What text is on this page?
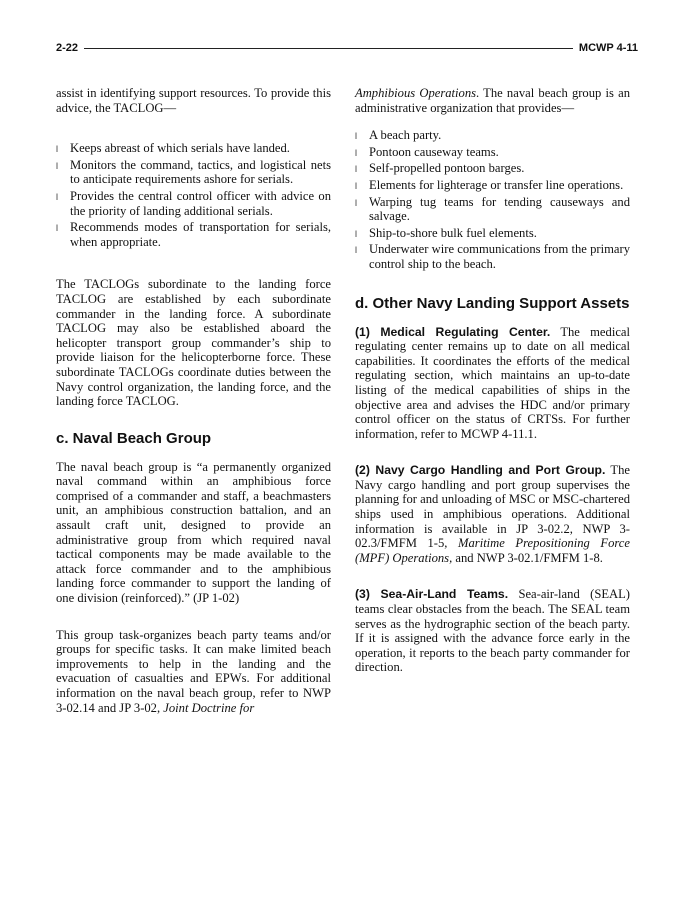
2-22	MCWP 4-11

assist in identifying support resources. To provide this advice, the TACLOG—

l Keeps abreast of which serials have landed.
l Monitors the command, tactics, and logistical nets to anticipate requirements ashore for serials.
l Provides the central control officer with advice on the priority of landing additional serials.
l Recommends modes of transportation for serials, when appropriate.

The TACLOGs subordinate to the landing force TACLOG are established by each subordinate commander in the landing force. A subordinate TACLOG may also be established aboard the helicopter transport group commander’s ship to provide liaison for the helicopterborne force. These subordinate TACLOGs coordinate duties between the Navy control organization, the landing force, and the landing force TACLOG.

c. Naval Beach Group

The naval beach group is “a permanently organized naval command within an amphibious force comprised of a commander and staff, a beachmasters unit, an amphibious construction battalion, and an assault craft unit, designed to provide an administrative group from which required naval tactical components may be made available to the attack force commander and to the amphibious landing force commander to support the landing of one division (reinforced).” (JP 1-02)

This group task-organizes beach party teams and/or groups for specific tasks. It can make limited beach improvements to help in the landing and the evacuation of casualties and EPWs. For additional information on the naval beach group, refer to NWP 3-02.14 and JP 3-02, Joint Doctrine for

Amphibious Operations. The naval beach group is an administrative organization that provides—

l A beach party.
l Pontoon causeway teams.
l Self-propelled pontoon barges.
l Elements for lighterage or transfer line operations.
l Warping tug teams for tending causeways and salvage.
l Ship-to-shore bulk fuel elements.
l Underwater wire communications from the primary control ship to the beach.
d. Other Navy Landing Support Assets

(1) Medical Regulating Center. The medical regulating center remains up to date on all medical capabilities. It coordinates the efforts of the medical regulating section, which maintains an up-to-date listing of the medical capabilities of ships in the objective area and advises the HDC and/or primary control officer on the status of CRTSs. For further information, refer to MCWP 4-11.1.

(2) Navy Cargo Handling and Port Group. The Navy cargo handling and port group supervises the planning for and unloading of MSC or MSC-chartered ships used in amphibious operations. Additional information is available in JP 3-02.2, NWP 3-02.3/FMFM 1-5, Maritime Prepositioning Force (MPF) Operations, and NWP 3-02.1/FMFM 1-8.

(3) Sea-Air-Land Teams. Sea-air-land (SEAL) teams clear obstacles from the beach. The SEAL team serves as the hydrographic section of the beach party. If it is assigned with the advance force early in the operation, it reports to the beach party commander for direction.
